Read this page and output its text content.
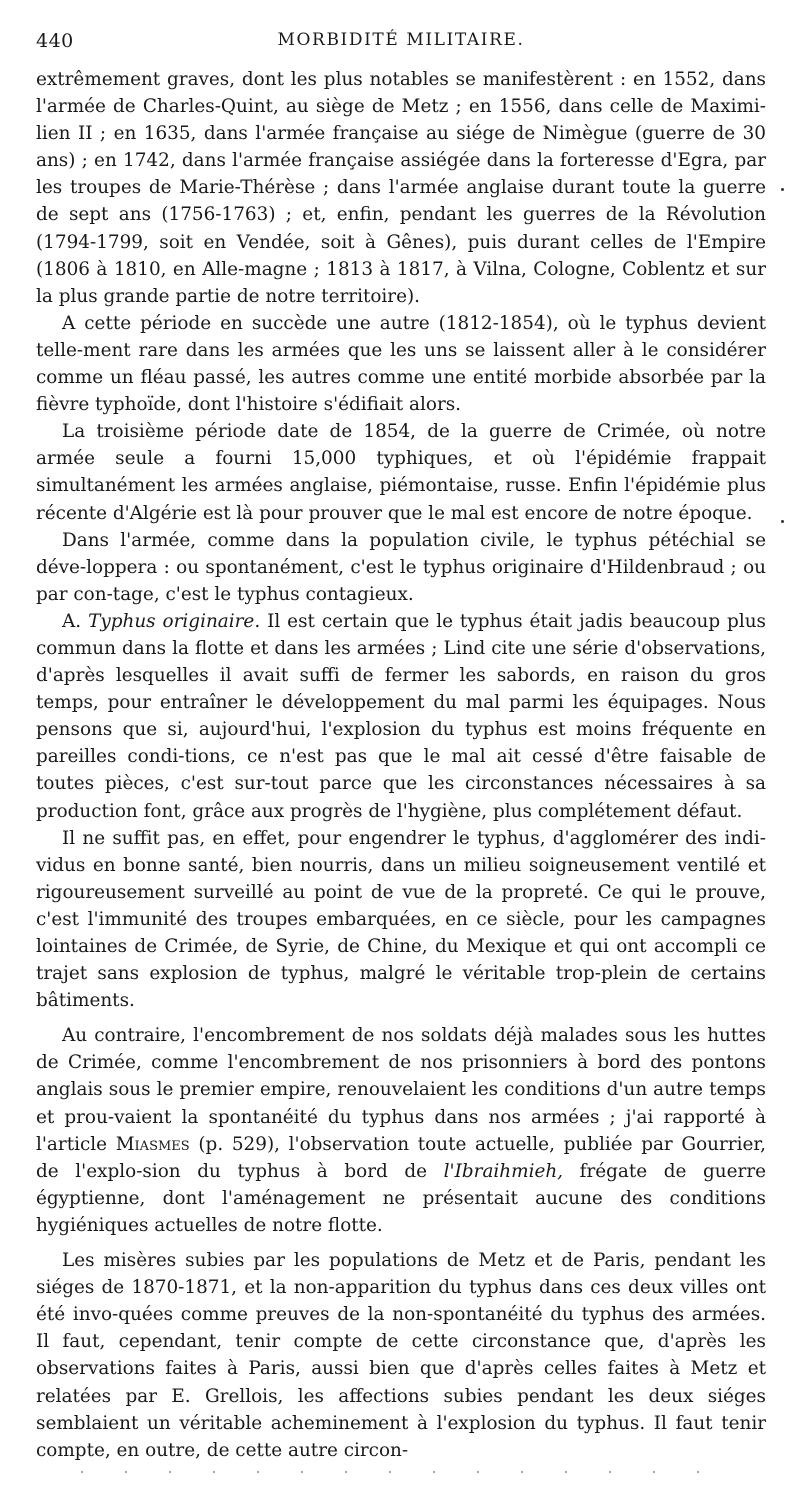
440	MORBIDITÉ MILITAIRE.

extrêmement graves, dont les plus notables se manifestèrent : en 1552, dans l'armée de Charles-Quint, au siège de Metz ; en 1556, dans celle de Maximi-lien II ; en 1635, dans l'armée française au siége de Nimègue (guerre de 30 ans) ; en 1742, dans l'armée française assiégée dans la forteresse d'Egra, par les troupes de Marie-Thérèse ; dans l'armée anglaise durant toute la guerre de sept ans (1756-1763) ; et, enfin, pendant les guerres de la Révolution (1794-1799, soit en Vendée, soit à Gênes), puis durant celles de l'Empire (1806 à 1810, en Alle-magne ; 1813 à 1817, à Vilna, Cologne, Coblentz et sur la plus grande partie de notre territoire).

A cette période en succède une autre (1812-1854), où le typhus devient telle-ment rare dans les armées que les uns se laissent aller à le considérer comme un fléau passé, les autres comme une entité morbide absorbée par la fièvre typhoïde, dont l'histoire s'édifiait alors.

La troisième période date de 1854, de la guerre de Crimée, où notre armée seule a fourni 15,000 typhiques, et où l'épidémie frappait simultanément les armées anglaise, piémontaise, russe. Enfin l'épidémie plus récente d'Algérie est là pour prouver que le mal est encore de notre époque.

Dans l'armée, comme dans la population civile, le typhus pétéchial se déve-loppera : ou spontanément, c'est le typhus originaire d'Hildenbraud ; ou par con-tage, c'est le typhus contagieux.

A. Typhus originaire. Il est certain que le typhus était jadis beaucoup plus commun dans la flotte et dans les armées ; Lind cite une série d'observations, d'après lesquelles il avait suffi de fermer les sabords, en raison du gros temps, pour entraîner le développement du mal parmi les équipages. Nous pensons que si, aujourd'hui, l'explosion du typhus est moins fréquente en pareilles condi-tions, ce n'est pas que le mal ait cessé d'être faisable de toutes pièces, c'est sur-tout parce que les circonstances nécessaires à sa production font, grâce aux progrès de l'hygiène, plus complétement défaut.

Il ne suffit pas, en effet, pour engendrer le typhus, d'agglomérer des indi-vidus en bonne santé, bien nourris, dans un milieu soigneusement ventilé et rigoureusement surveillé au point de vue de la propreté. Ce qui le prouve, c'est l'immunité des troupes embarquées, en ce siècle, pour les campagnes lointaines de Crimée, de Syrie, de Chine, du Mexique et qui ont accompli ce trajet sans explosion de typhus, malgré le véritable trop-plein de certains bâtiments.

Au contraire, l'encombrement de nos soldats déjà malades sous les huttes de Crimée, comme l'encombrement de nos prisonniers à bord des pontons anglais sous le premier empire, renouvelaient les conditions d'un autre temps et prou-vaient la spontanéité du typhus dans nos armées ; j'ai rapporté à l'article Miasmes (p. 529), l'observation toute actuelle, publiée par Gourrier, de l'explo-sion du typhus à bord de l'Ibraihmieh, frégate de guerre égyptienne, dont l'aménagement ne présentait aucune des conditions hygiéniques actuelles de notre flotte.

Les misères subies par les populations de Metz et de Paris, pendant les siéges de 1870-1871, et la non-apparition du typhus dans ces deux villes ont été invo-quées comme preuves de la non-spontanéité du typhus des armées. Il faut, cependant, tenir compte de cette circonstance que, d'après les observations faites à Paris, aussi bien que d'après celles faites à Metz et relatées par E. Grellois, les affections subies pendant les deux siéges semblaient un véritable acheminement à l'explosion du typhus. Il faut tenir compte, en outre, de cette autre circon-
